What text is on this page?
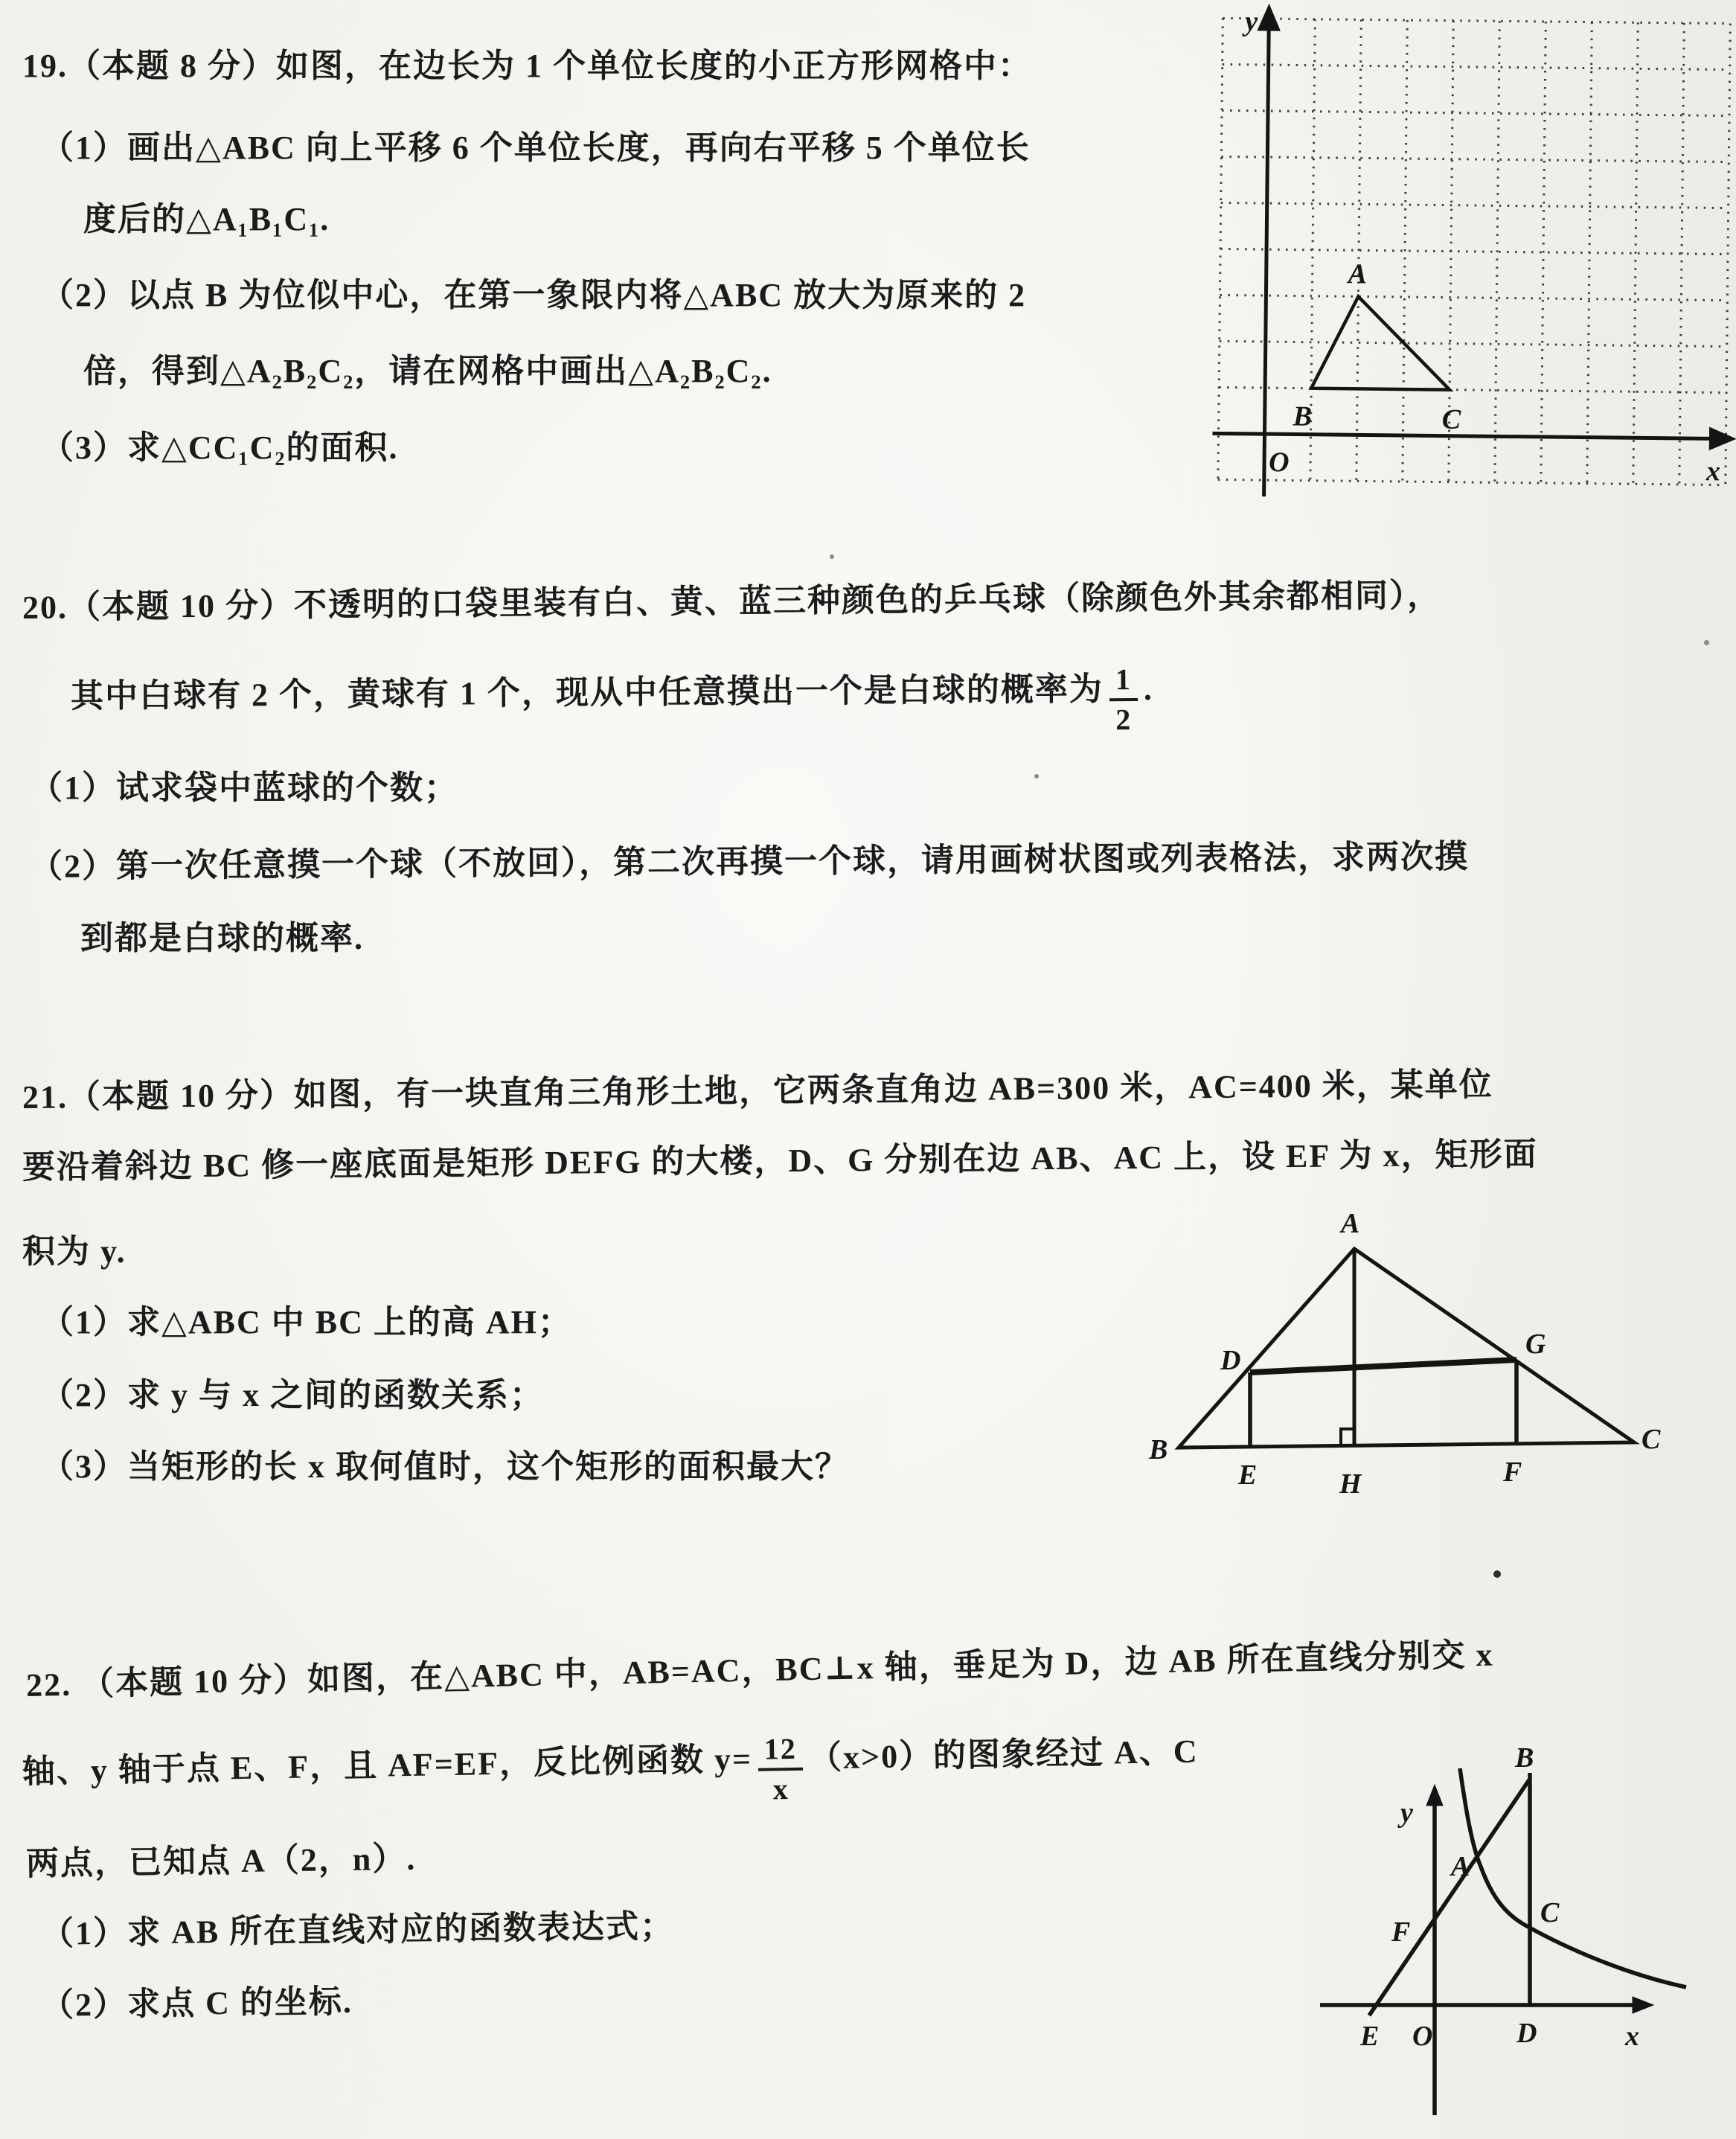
19.（本题 8 分）如图，在边长为 1 个单位长度的小正方形网格中：
（1）画出△ABC 向上平移 6 个单位长度，再向右平移 5 个单位长
度后的△A₁B₁C₁.
（2）以点 B 为位似中心，在第一象限内将△ABC 放大为原来的 2
倍，得到△A₂B₂C₂，请在网格中画出△A₂B₂C₂.
（3）求△CC₁C₂的面积.
A
B	C
O
y
x
20.（本题 10 分）不透明的口袋里装有白、黄、蓝三种颜色的乒乓球（除颜色外其余都相同），
其中白球有 2 个，黄球有 1 个，现从中任意摸出一个是白球的概率为 $\frac{1}{2}$ .
（1）试求袋中蓝球的个数；
（2）第一次任意摸一个球（不放回），第二次再摸一个球，请用画树状图或列表格法，求两次摸
到都是白球的概率.
21.（本题 10 分）如图，有一块直角三角形土地，它两条直角边 AB=300 米，AC=400 米，某单位
要沿着斜边 BC 修一座底面是矩形 DEFG 的大楼，D、G 分别在边 AB、AC 上，设 EF 为 x，矩形面
积为 y.
（1）求△ABC 中 BC 上的高 AH；
（2）求 y 与 x 之间的函数关系；
（3）当矩形的长 x 取何值时，这个矩形的面积最大？
A
B	C
D
G
E	H	F
22. （本题 10 分）如图，在△ABC 中，AB=AC，BC⊥x 轴，垂足为 D，边 AB 所在直线分别交 x
轴、y 轴于点 E、F，且 AF=EF，反比例函数 $y= \frac{12}{x} (x>0)$的图象经过 A、C
两点，已知点 A（2，n）.
（1）求 AB 所在直线对应的函数表达式；
（2）求点 C 的坐标.
y
B
A
F
C
E O	D	x
